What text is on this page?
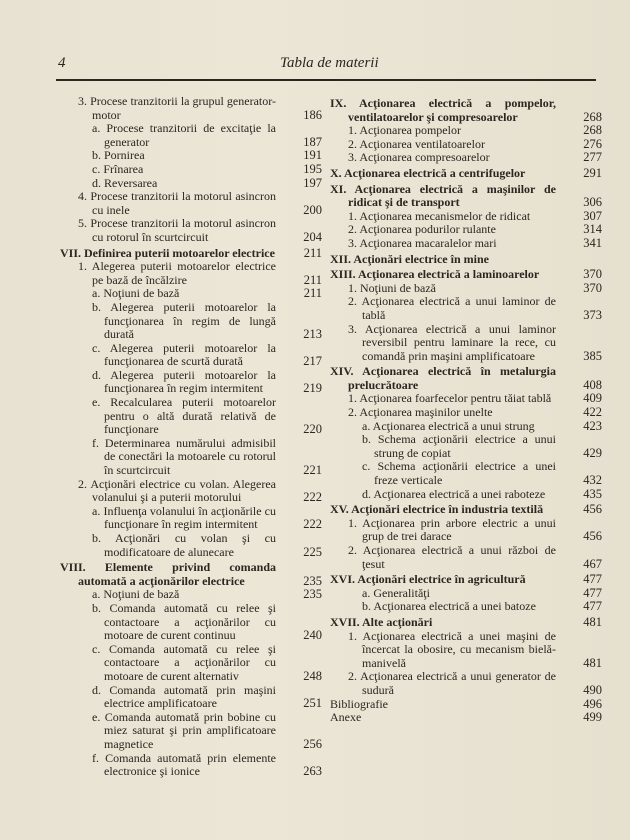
4	Tabla de materii
3. Procese tranzitorii la grupul generator-motor	186
a. Procese tranzitorii de excitaţie la generator	187
b. Pornirea	191
c. Frînarea	195
d. Reversarea	197
4. Procese tranzitorii la motorul asincron cu inele	200
5. Procese tranzitorii la motorul asincron cu rotorul în scurtcircuit	204
VII. Definirea puterii motoarelor electrice	211
1. Alegerea puterii motoarelor electrice pe bază de încălzire	211
a. Noţiuni de bază	211
b. Alegerea puterii motoarelor la funcţionarea în regim de lungă durată	213
c. Alegerea puterii motoarelor la funcţionarea de scurtă durată	217
d. Alegerea puterii motoarelor la funcţionarea în regim intermitent	219
e. Recalcularea puterii motoarelor pentru o altă durată relativă de funcţionare	220
f. Determinarea numărului admisibil de conectări la motoarele cu rotorul în scurtcircuit	221
2. Acţionări electrice cu volan. Alegerea volanului şi a puterii motorului	222
a. Influenţa volanului în acţionările cu funcţionare în regim intermitent	222
b. Acţionări cu volan şi cu modificatoare de alunecare	225
VIII. Elemente privind comanda automată a acţionărilor electrice	235
a. Noţiuni de bază	235
b. Comanda automată cu relee şi contactoare a acţionărilor cu motoare de curent continuu	240
c. Comanda automată cu relee şi contactoare a acţionărilor cu motoare de curent alternativ	248
d. Comanda automată prin maşini electrice amplificatoare	251
e. Comanda automată prin bobine cu miez saturat şi prin amplificatoare magnetice	256
f. Comanda automată prin elemente electronice şi ionice	263
IX. Acţionarea electrică a pompelor, ventilatoarelor şi compresoarelor	268
1. Acţionarea pompelor	268
2. Acţionarea ventilatoarelor	276
3. Acţionarea compresoarelor	277
X. Acţionarea electrică a centrifugelor	291
XI. Acţionarea electrică a maşinilor de ridicat şi de transport	306
1. Acţionarea mecanismelor de ridicat	307
2. Acţionarea podurilor rulante	314
3. Acţionarea macaralelor mari	341
XII. Acţionări electrice în mine
XIII. Acţionarea electrică a laminoarelor	370
1. Noţiuni de bază	370
2. Acţionarea electrică a unui laminor de tablă	373
3. Acţionarea electrică a unui laminor reversibil pentru laminare la rece, cu comandă prin maşini amplificatoare	385
XIV. Acţionarea electrică în metalurgia prelucrătoare	408
1. Acţionarea foarfecelor pentru tăiat tablă	409
2. Acţionarea maşinilor unelte	422
a. Acţionarea electrică a unui strung	423
b. Schema acţionării electrice a unui strung de copiat	429
c. Schema acţionării electrice a unei freze verticale	432
d. Acţionarea electrică a unei raboteze	435
XV. Acţionări electrice în industria textilă	456
1. Acţionarea prin arbore electric a unui grup de trei darace	456
2. Acţionarea electrică a unui război de ţesut	467
XVI. Acţionări electrice în agricultură	477
a. Generalităţi	477
b. Acţionarea electrică a unei batoze	477
XVII. Alte acţionări	481
1. Acţionarea electrică a unei maşini de încercat la obosire, cu mecanism bielă-manivelă	481
2. Acţionarea electrică a unui generator de sudură	490
Bibliografie	496
Anexe	499
